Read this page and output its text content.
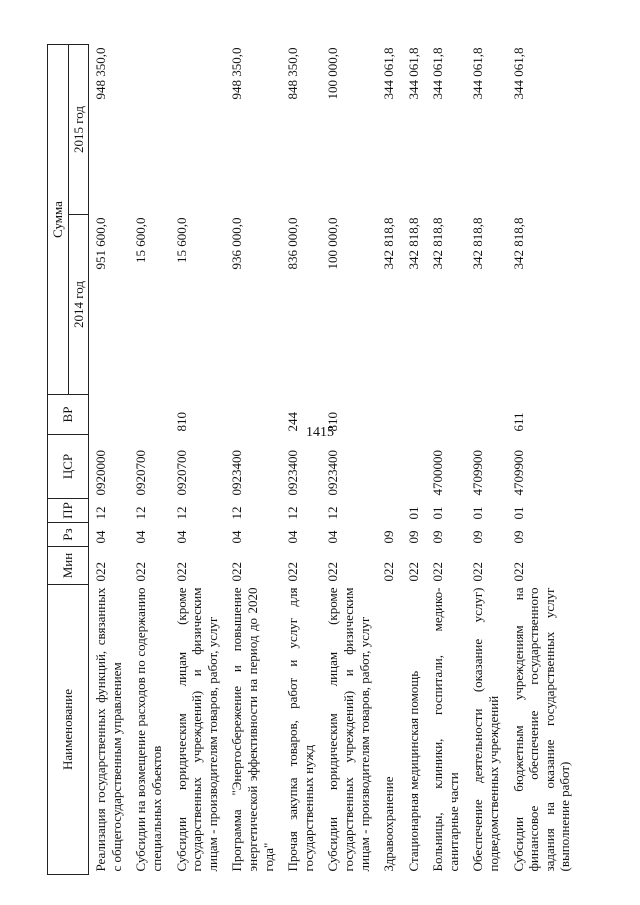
1415
Наименование	Мин	Рз	ПР	ЦСР	ВР	Сумма	
						2014 год	2015 год
Реализация государственных функций, связанных с общегосударственным управлением	022	04	12	0920000		951 600,0	948 350,0
Субсидии на возмещение расходов по содержанию специальных объектов	022	04	12	0920700		15 600,0	
Субсидии юридическим лицам (кроме государственных учреждений) и физическим лицам - производителям товаров, работ, услуг	022	04	12	0920700	810	15 600,0	
Программа "Энергосбережение и повышение энергетической эффективности на период до 2020 года"	022	04	12	0923400		936 000,0	948 350,0
Прочая закупка товаров, работ и услуг для государственных нужд	022	04	12	0923400	244	836 000,0	848 350,0
Субсидии юридическим лицам (кроме государственных учреждений) и физическим лицам - производителям товаров, работ, услуг	022	04	12	0923400	810	100 000,0	100 000,0
Здравоохранение	022	09				342 818,8	344 061,8
Стационарная медицинская помощь	022	09	01			342 818,8	344 061,8
Больницы, клиники, госпитали, медико-санитарные части	022	09	01	4700000		342 818,8	344 061,8
Обеспечение деятельности (оказание услуг) подведомственных учреждений	022	09	01	4709900		342 818,8	344 061,8
Субсидии бюджетным учреждениям на финансовое обеспечение государственного задания на оказание государственных услуг (выполнение работ)	022	09	01	4709900	611	342 818,8	344 061,8
